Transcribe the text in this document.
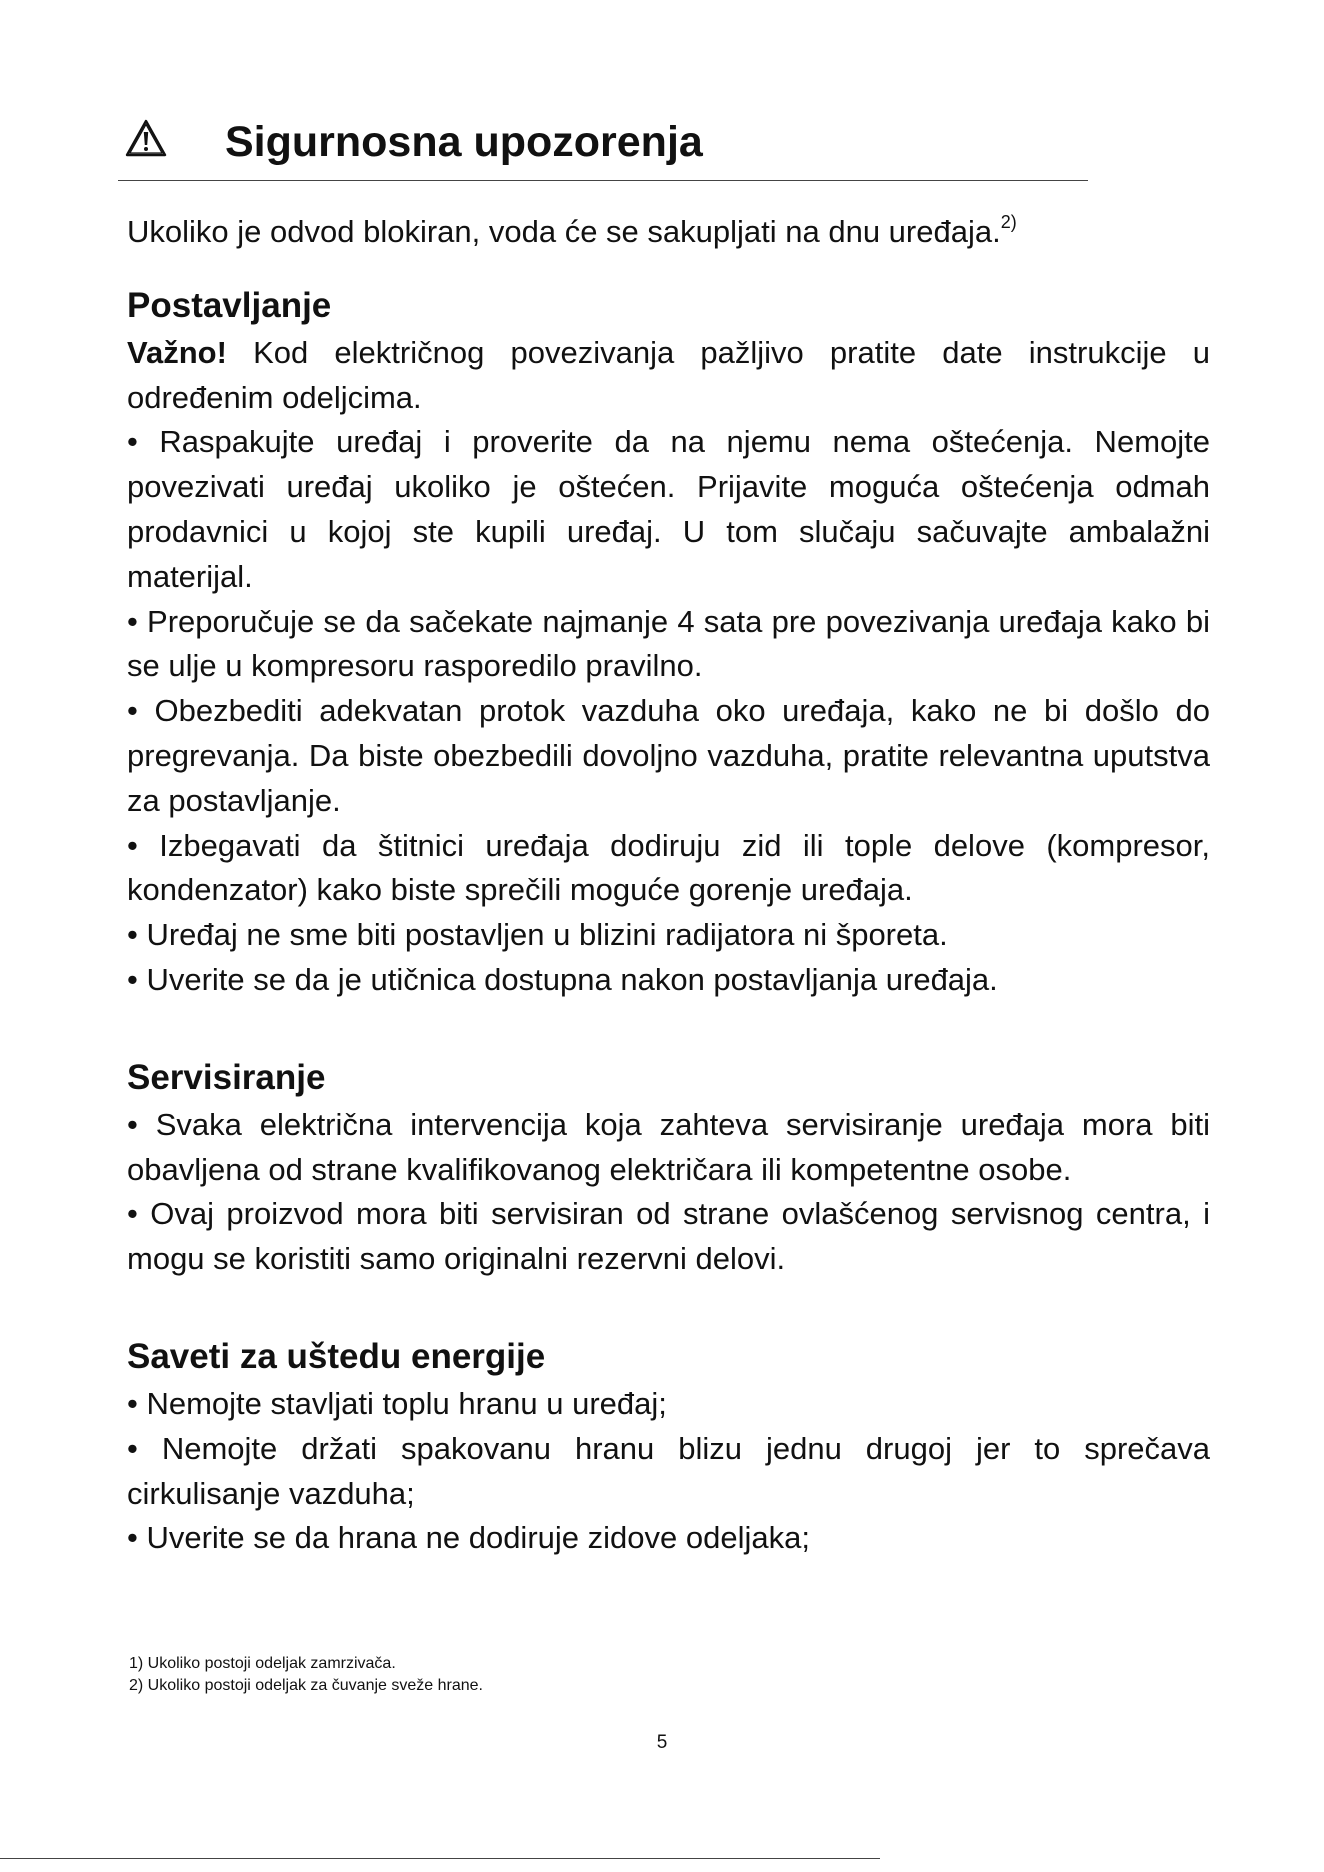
Sigurnosna upozorenja

Ukoliko je odvod blokiran, voda će se sakupljati na dnu uređaja.$^{2)}$

Postavljanje

Važno! Kod električnog povezivanja pažljivo pratite date instrukcije u određenim odeljcima.

• Raspakujte uređaj i proverite da na njemu nema oštećenja. Nemojte povezivati uređaj ukoliko je oštećen. Prijavite moguća oštećenja odmah prodavnici u kojoj ste kupili uređaj. U tom slučaju sačuvajte ambalažni materijal.

• Preporučuje se da sačekate najmanje 4 sata pre povezivanja uređaja kako bi se ulje u kompresoru rasporedilo pravilno.

• Obezbediti adekvatan protok vazduha oko uređaja, kako ne bi došlo do pregrevanja. Da biste obezbedili dovoljno vazduha, pratite relevantna uputstva za postavljanje.

• Izbegavati da štitnici uređaja dodiruju zid ili tople delove (kompresor, kondenzator) kako biste sprečili moguće gorenje uređaja.

• Uređaj ne sme biti postavljen u blizini radijatora ni šporeta.

• Uverite se da je utičnica dostupna nakon postavljanja uređaja.

Servisiranje

• Svaka električna intervencija koja zahteva servisiranje uređaja mora biti obavljena od strane kvalifikovanog električara ili kompetentne osobe.

• Ovaj proizvod mora biti servisiran od strane ovlašćenog servisnog centra, i mogu se koristiti samo originalni rezervni delovi.

Saveti za uštedu energije

• Nemojte stavljati toplu hranu u uređaj;

• Nemojte držati spakovanu hranu blizu jednu drugoj jer to sprečava cirkulisanje vazduha;

• Uverite se da hrana ne dodiruje zidove odeljaka;

1) Ukoliko postoji odeljak zamrzivača.
2) Ukoliko postoji odeljak za čuvanje sveže hrane.
5
